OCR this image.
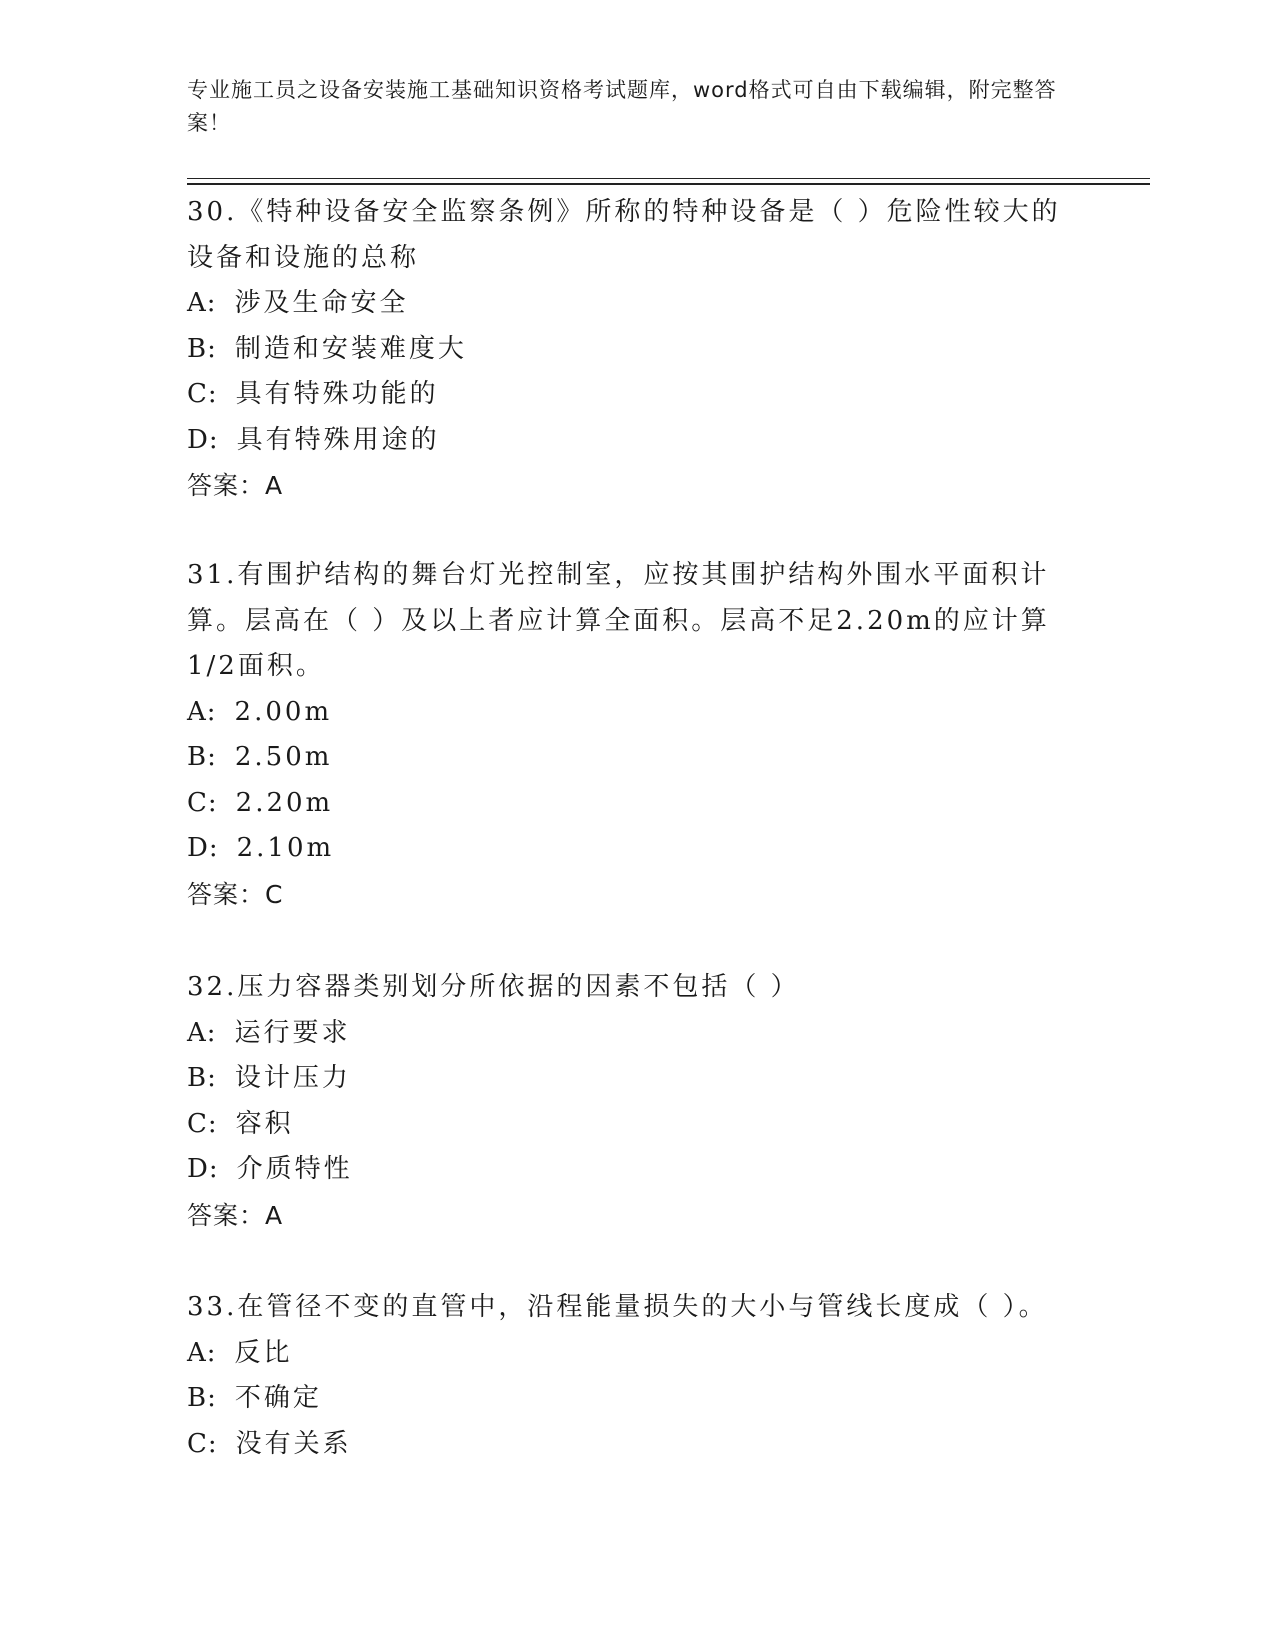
专业施工员之设备安装施工基础知识资格考试题库，word格式可自由下载编辑，附完整答案！

30.《特种设备安全监察条例》所称的特种设备是（ ）危险性较大的设备和设施的总称

A: 涉及生命安全
B: 制造和安装难度大
C: 具有特殊功能的
D: 具有特殊用途的
答案：A

31.有围护结构的舞台灯光控制室，应按其围护结构外围水平面积计算。层高在（ ）及以上者应计算全面积。层高不足2.20m的应计算1/2面积。

A: 2.00m
B: 2.50m
C: 2.20m
D: 2.10m
答案：C

32.压力容器类别划分所依据的因素不包括（ ）

A: 运行要求
B: 设计压力
C: 容积
D: 介质特性
答案：A

33.在管径不变的直管中，沿程能量损失的大小与管线长度成（ ）。

A: 反比
B: 不确定
C: 没有关系
